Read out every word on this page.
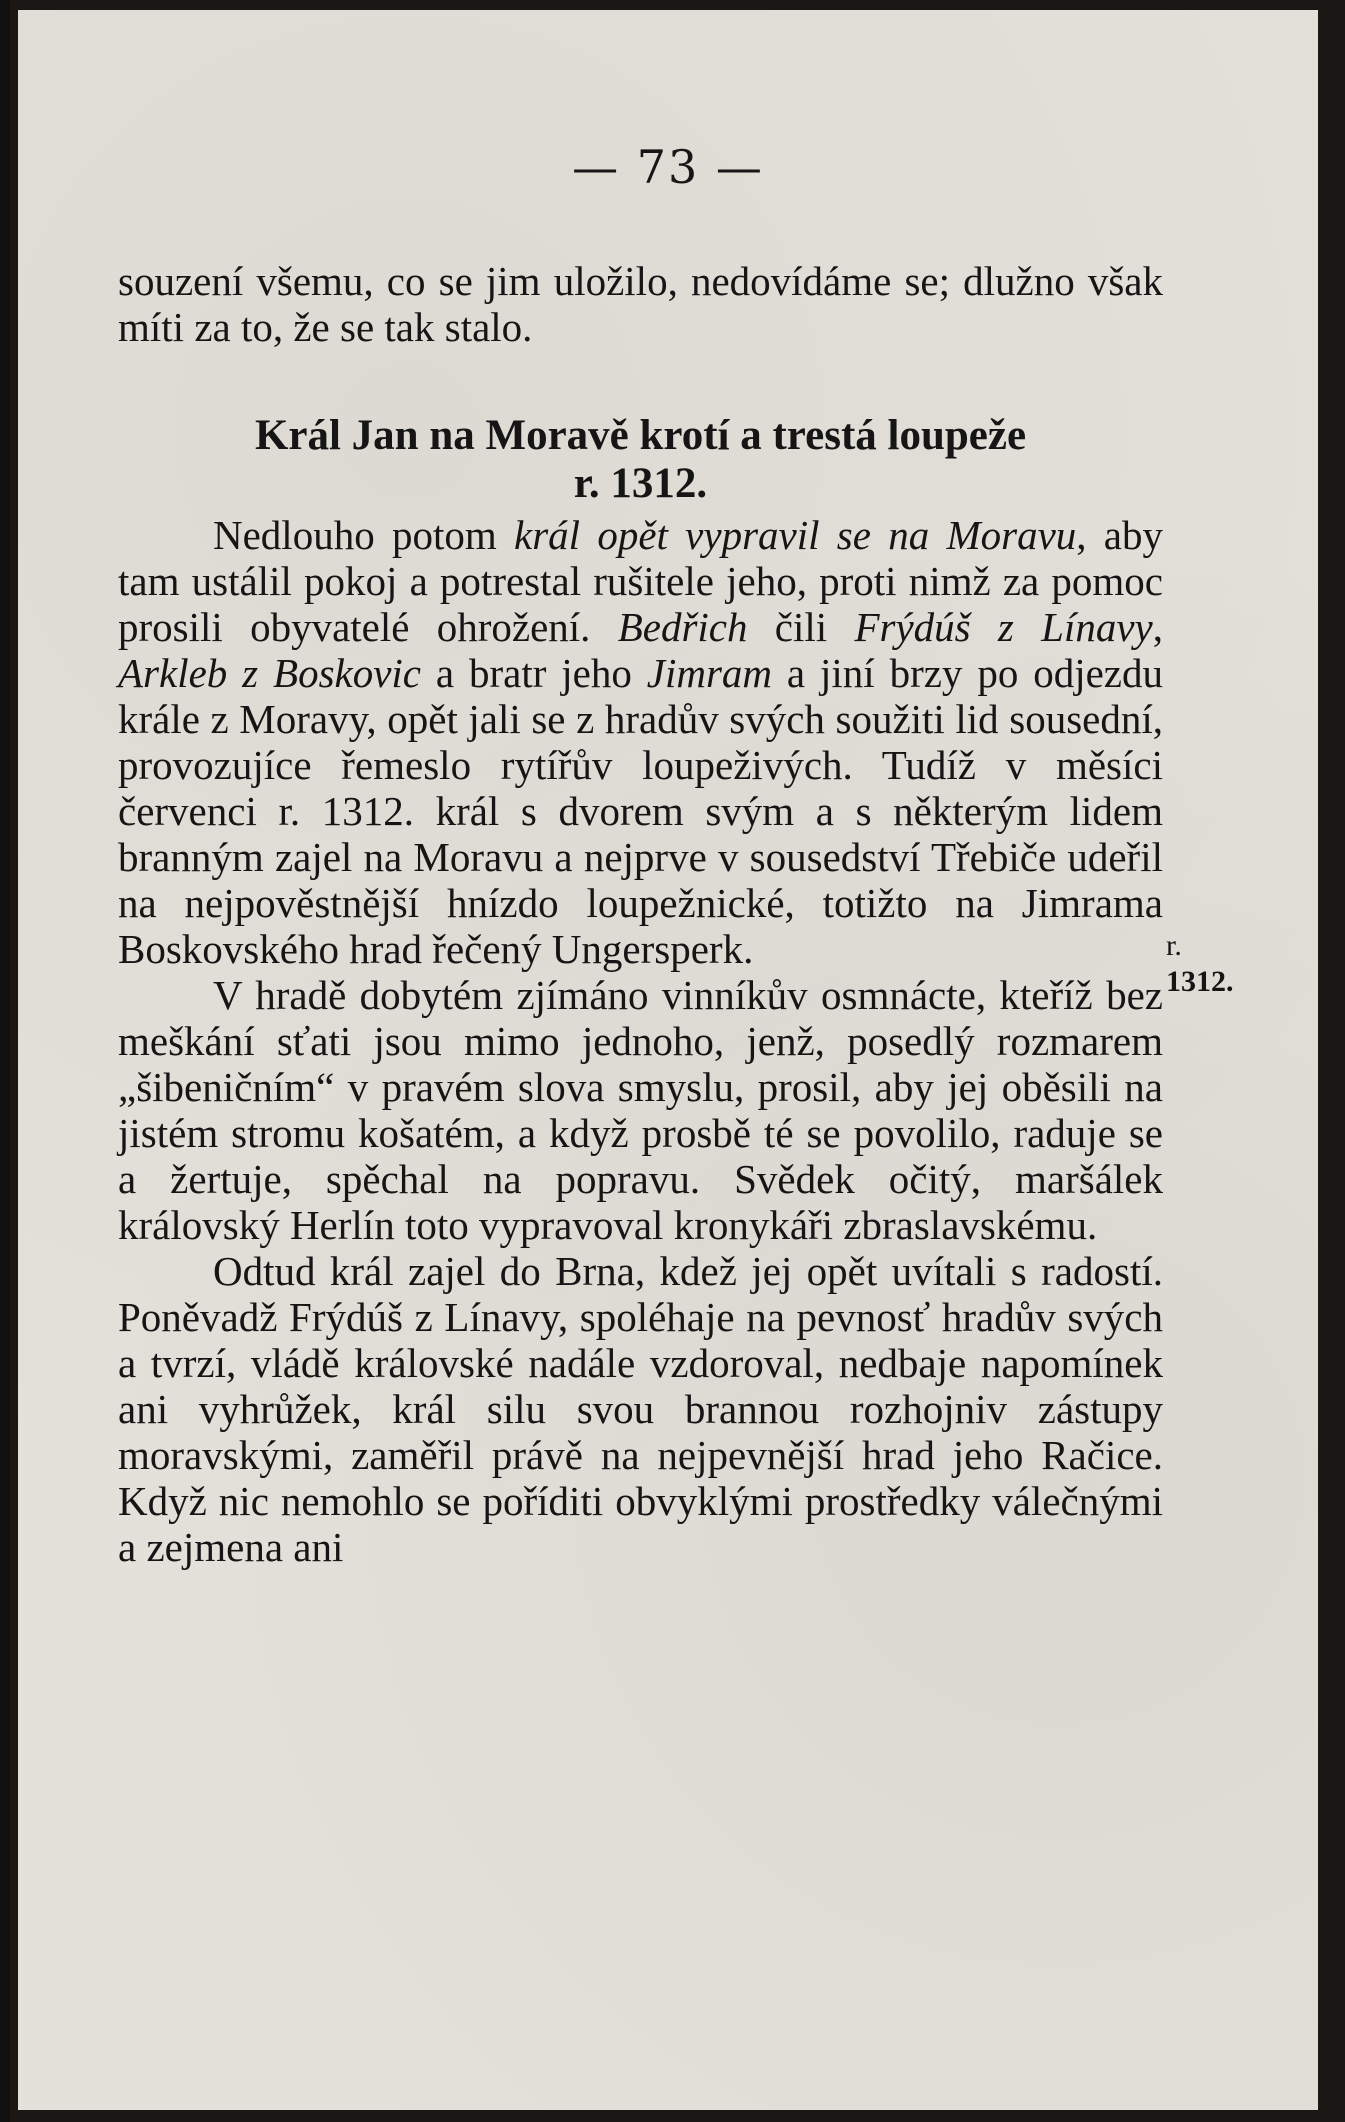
— 73 —

souzení všemu, co se jim uložilo, nedovídáme se; dlužno však míti za to, že se tak stalo.

Král Jan na Moravě krotí a trestá loupeže
r. 1312.

Nedlouho potom král opět vypravil se na Moravu, aby tam ustálil pokoj a potrestal rušitele jeho, proti nimž za pomoc prosili obyvatelé ohrožení. Bedřich čili Frýdúš z Línavy, Arkleb z Boskovic a bratr jeho Jimram a jiní brzy po odjezdu krále z Moravy, opět jali se z hradův svých soužiti lid sousední, provozujíce řemeslo rytířův loupeživých. Tudíž v měsíci červenci r. 1312. král s dvorem svým a s některým lidem branným zajel na Moravu a nejprve v sousedství Třebiče udeřil na nejpověstnější hnízdo loupežnické, totižto na Jimrama Boskovského hrad řečený Ungersperk.

V hradě dobytém zjímáno vinníkův osmnácte, kteříž bez meškání sťati jsou mimo jednoho, jenž, posedlý rozmarem „šibeničním“ v pravém slova smyslu, prosil, aby jej oběsili na jistém stromu košatém, a když prosbě té se povolilo, raduje se a žertuje, spěchal na popravu. Svědek očitý, maršálek královský Herlín toto vypravoval kronykáři zbraslavskému.

Odtud král zajel do Brna, kdež jej opět uvítali s radostí. Poněvadž Frýdúš z Línavy, spoléhaje na pevnosť hradův svých a tvrzí, vládě královské nadále vzdoroval, nedbaje napomínek ani vyhrůžek, král silu svou brannou rozhojniv zástupy moravskými, zaměřil právě na nejpevnější hrad jeho Račice. Když nic nemohlo se poříditi obvyklými prostředky válečnými a zejmena ani

r.
1312.
